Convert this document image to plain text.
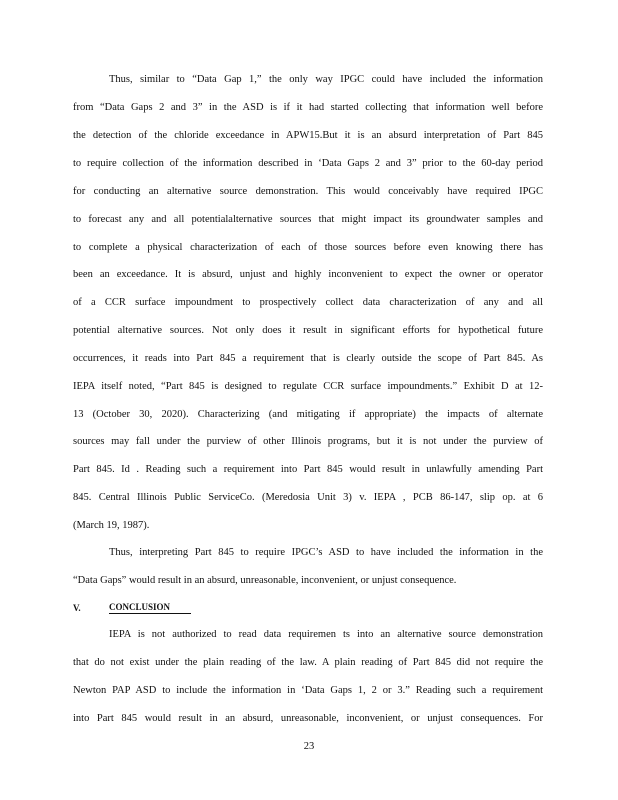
Thus, similar to “Data Gap 1,” the only way IPGC could have included the information
from “Data Gaps 2 and 3” in the ASD is if it had started collecting that information well before
the detection of the chloride exceedance in APW15.But it is an absurd interpretation of Part 845
to require collection of the information described in ‘Data Gaps 2 and 3” prior to the 60-day period
for conducting an alternative source demonstration. This would conceivably have required IPGC
to forecast any and all potentialalternative sources that might impact its groundwater samples and
to complete a physical characterization of each of those sources before even knowing there has
been an exceedance. It is absurd, unjust and highly inconvenient to expect the owner or operator
of a CCR surface impoundment to prospectively collect data characterization of any and all
potential alternative sources. Not only does it result in significant efforts for hypothetical future
occurrences, it reads into Part 845 a requirement that is clearly outside the scope of Part 845. As
IEPA itself noted, “Part 845 is designed to regulate CCR surface impoundments.” Exhibit D at 12-
13 (October 30, 2020). Characterizing (and mitigating if appropriate) the impacts of alternate
sources may fall under the purview of other Illinois programs, but it is not under the purview of
Part 845. Id . Reading such a requirement into Part 845 would result in unlawfully amending Part
845. Central Illinois Public ServiceCo. (Meredosia Unit 3) v. IEPA , PCB 86-147, slip op. at 6
(March 19, 1987).
Thus, interpreting Part 845 to require IPGC’s ASD to have included the information in the
“Data Gaps” would result in an absurd, unreasonable, inconvenient, or unjust consequence.
V.	CONCLUSION
IEPA is not authorized to read data requiremen ts into an alternative source demonstration
that do not exist under the plain reading of the law. A plain reading of Part 845 did not require the
Newton PAP ASD to include the information in ‘Data Gaps 1, 2 or 3.” Reading such a requirement
into Part 845 would result in an absurd, unreasonable, inconvenient, or unjust consequences. For
23
